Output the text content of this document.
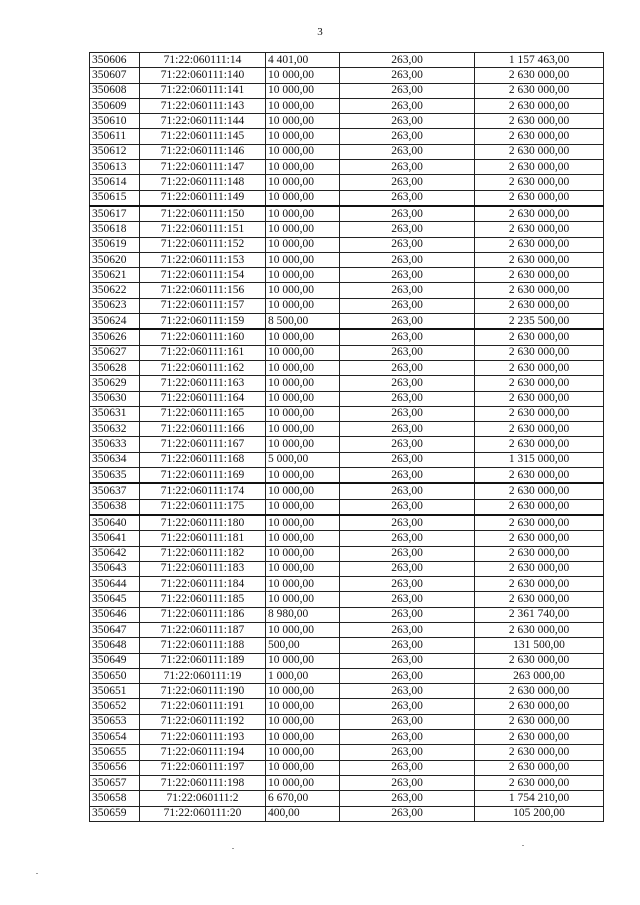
3
350606	71:22:060111:14	4 401,00	263,00	1 157 463,00
350607	71:22:060111:140	10 000,00	263,00	2 630 000,00
350608	71:22:060111:141	10 000,00	263,00	2 630 000,00
350609	71:22:060111:143	10 000,00	263,00	2 630 000,00
350610	71:22:060111:144	10 000,00	263,00	2 630 000,00
350611	71:22:060111:145	10 000,00	263,00	2 630 000,00
350612	71:22:060111:146	10 000,00	263,00	2 630 000,00
350613	71:22:060111:147	10 000,00	263,00	2 630 000,00
350614	71:22:060111:148	10 000,00	263,00	2 630 000,00
350615	71:22:060111:149	10 000,00	263,00	2 630 000,00
350617	71:22:060111:150	10 000,00	263,00	2 630 000,00
350618	71:22:060111:151	10 000,00	263,00	2 630 000,00
350619	71:22:060111:152	10 000,00	263,00	2 630 000,00
350620	71:22:060111:153	10 000,00	263,00	2 630 000,00
350621	71:22:060111:154	10 000,00	263,00	2 630 000,00
350622	71:22:060111:156	10 000,00	263,00	2 630 000,00
350623	71:22:060111:157	10 000,00	263,00	2 630 000,00
350624	71:22:060111:159	8 500,00	263,00	2 235 500,00
350626	71:22:060111:160	10 000,00	263,00	2 630 000,00
350627	71:22:060111:161	10 000,00	263,00	2 630 000,00
350628	71:22:060111:162	10 000,00	263,00	2 630 000,00
350629	71:22:060111:163	10 000,00	263,00	2 630 000,00
350630	71:22:060111:164	10 000,00	263,00	2 630 000,00
350631	71:22:060111:165	10 000,00	263,00	2 630 000,00
350632	71:22:060111:166	10 000,00	263,00	2 630 000,00
350633	71:22:060111:167	10 000,00	263,00	2 630 000,00
350634	71:22:060111:168	5 000,00	263,00	1 315 000,00
350635	71:22:060111:169	10 000,00	263,00	2 630 000,00
350637	71:22:060111:174	10 000,00	263,00	2 630 000,00
350638	71:22:060111:175	10 000,00	263,00	2 630 000,00
350640	71:22:060111:180	10 000,00	263,00	2 630 000,00
350641	71:22:060111:181	10 000,00	263,00	2 630 000,00
350642	71:22:060111:182	10 000,00	263,00	2 630 000,00
350643	71:22:060111:183	10 000,00	263,00	2 630 000,00
350644	71:22:060111:184	10 000,00	263,00	2 630 000,00
350645	71:22:060111:185	10 000,00	263,00	2 630 000,00
350646	71:22:060111:186	8 980,00	263,00	2 361 740,00
350647	71:22:060111:187	10 000,00	263,00	2 630 000,00
350648	71:22:060111:188	500,00	263,00	131 500,00
350649	71:22:060111:189	10 000,00	263,00	2 630 000,00
350650	71:22:060111:19	1 000,00	263,00	263 000,00
350651	71:22:060111:190	10 000,00	263,00	2 630 000,00
350652	71:22:060111:191	10 000,00	263,00	2 630 000,00
350653	71:22:060111:192	10 000,00	263,00	2 630 000,00
350654	71:22:060111:193	10 000,00	263,00	2 630 000,00
350655	71:22:060111:194	10 000,00	263,00	2 630 000,00
350656	71:22:060111:197	10 000,00	263,00	2 630 000,00
350657	71:22:060111:198	10 000,00	263,00	2 630 000,00
350658	71:22:060111:2	6 670,00	263,00	1 754 210,00
350659	71:22:060111:20	400,00	263,00	105 200,00
